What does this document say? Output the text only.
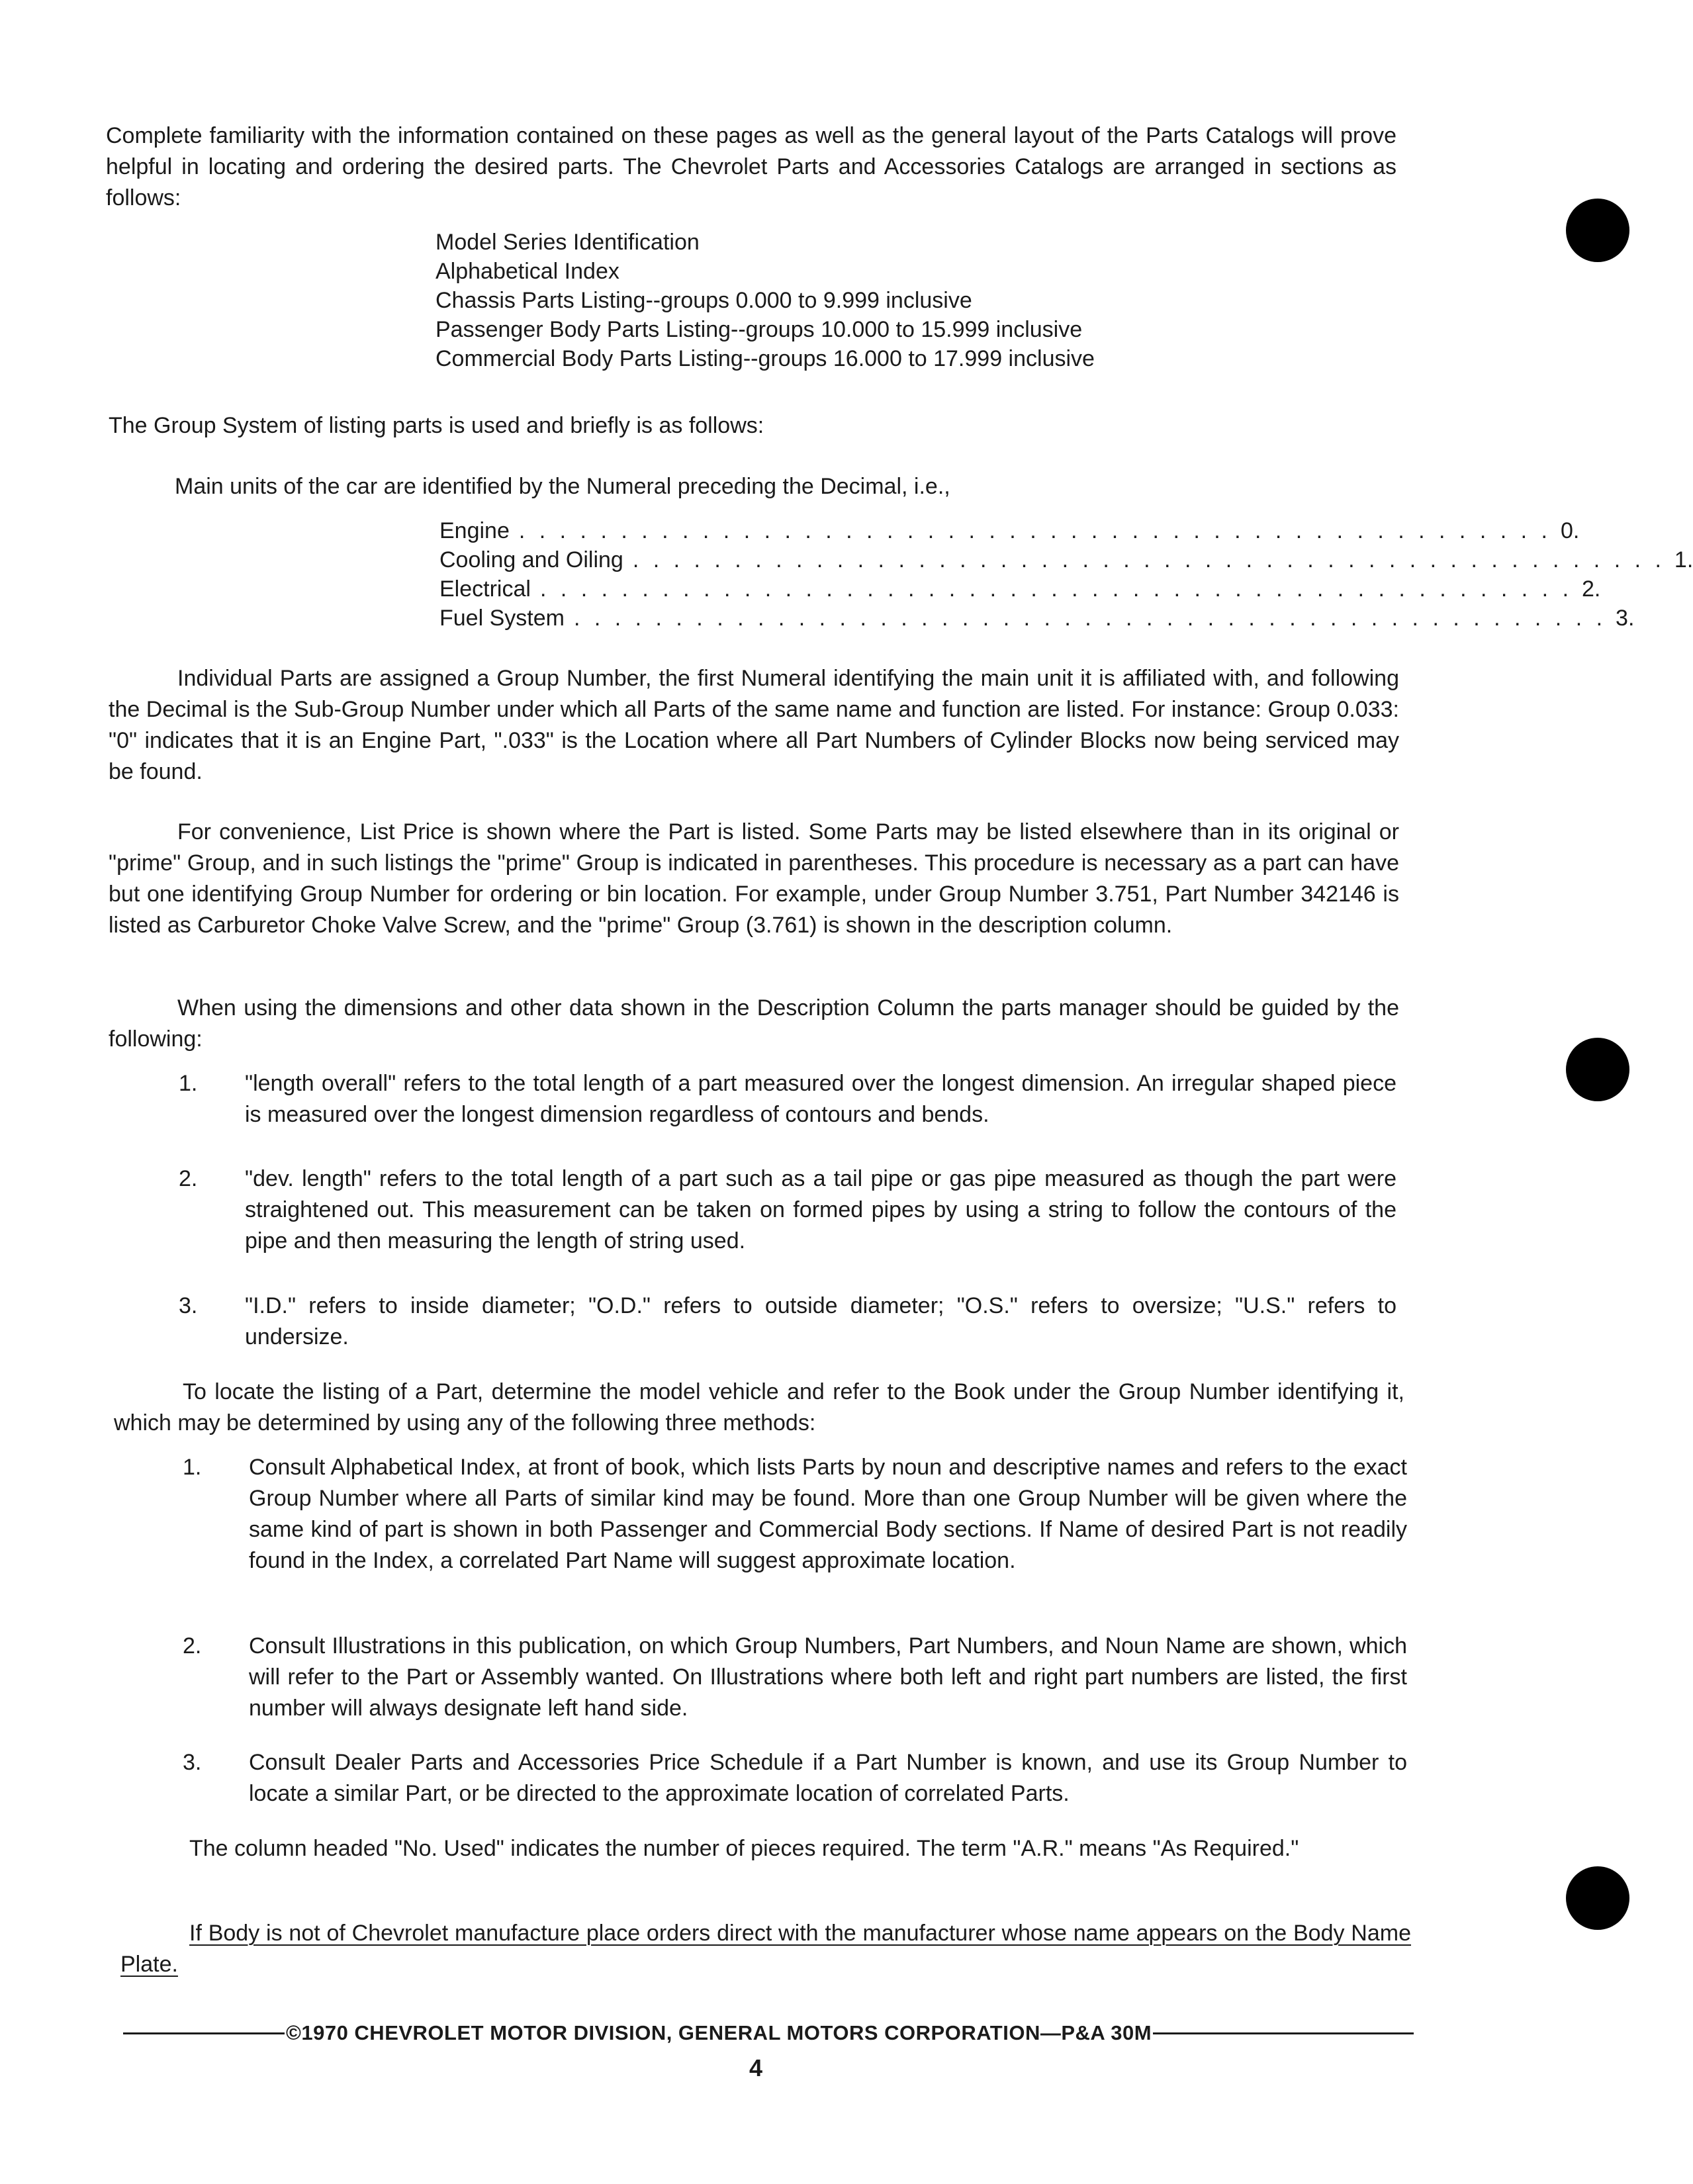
Complete familiarity with the information contained on these pages as well as the general layout of the Parts Catalogs will prove helpful in locating and ordering the desired parts. The Chevrolet Parts and Accessories Catalogs are arranged in sections as follows:
Model Series Identification
Alphabetical Index
Chassis Parts Listing--groups 0.000 to 9.999 inclusive
Passenger Body Parts Listing--groups 10.000 to 15.999 inclusive
Commercial Body Parts Listing--groups 16.000 to 17.999 inclusive
The Group System of listing parts is used and briefly is as follows:
Main units of the car are identified by the Numeral preceding the Decimal, i.e.,
Engine . . . . . . . . . . . . . . . . . . . . . . . . . . . . . . . . . . . . . . . . . . . . . . . . . . . 0.
Cooling and Oiling . . . . . . . . . . . . . . . . . . . . . . . . . . . . . . . . . . . . . . . . . . . . . . . . . . . 1.
Electrical . . . . . . . . . . . . . . . . . . . . . . . . . . . . . . . . . . . . . . . . . . . . . . . . . . . 2.
Fuel System . . . . . . . . . . . . . . . . . . . . . . . . . . . . . . . . . . . . . . . . . . . . . . . . . . . 3.
Individual Parts are assigned a Group Number, the first Numeral identifying the main unit it is affiliated with, and following the Decimal is the Sub-Group Number under which all Parts of the same name and function are listed. For instance: Group 0.033: "0" indicates that it is an Engine Part, ".033" is the Location where all Part Numbers of Cylinder Blocks now being serviced may be found.
For convenience, List Price is shown where the Part is listed. Some Parts may be listed elsewhere than in its original or "prime" Group, and in such listings the "prime" Group is indicated in parentheses. This procedure is necessary as a part can have but one identifying Group Number for ordering or bin location. For example, under Group Number 3.751, Part Number 342146 is listed as Carburetor Choke Valve Screw, and the "prime" Group (3.761) is shown in the description column.
When using the dimensions and other data shown in the Description Column the parts manager should be guided by the following:
1. "length overall" refers to the total length of a part measured over the longest dimension. An irregular shaped piece is measured over the longest dimension regardless of contours and bends.
2. "dev. length" refers to the total length of a part such as a tail pipe or gas pipe measured as though the part were straightened out. This measurement can be taken on formed pipes by using a string to follow the contours of the pipe and then measuring the length of string used.
3. "I.D." refers to inside diameter; "O.D." refers to outside diameter; "O.S." refers to oversize; "U.S." refers to undersize.
To locate the listing of a Part, determine the model vehicle and refer to the Book under the Group Number identifying it, which may be determined by using any of the following three methods:
1. Consult Alphabetical Index, at front of book, which lists Parts by noun and descriptive names and refers to the exact Group Number where all Parts of similar kind may be found. More than one Group Number will be given where the same kind of part is shown in both Passenger and Commercial Body sections. If Name of desired Part is not readily found in the Index, a correlated Part Name will suggest approximate location.
2. Consult Illustrations in this publication, on which Group Numbers, Part Numbers, and Noun Name are shown, which will refer to the Part or Assembly wanted. On Illustrations where both left and right part numbers are listed, the first number will always designate left hand side.
3. Consult Dealer Parts and Accessories Price Schedule if a Part Number is known, and use its Group Number to locate a similar Part, or be directed to the approximate location of correlated Parts.
The column headed "No. Used" indicates the number of pieces required. The term "A.R." means "As Required."
If Body is not of Chevrolet manufacture place orders direct with the manufacturer whose name appears on the Body Name Plate.
©1970 CHEVROLET MOTOR DIVISION, GENERAL MOTORS CORPORATION—P&A 30M
4
